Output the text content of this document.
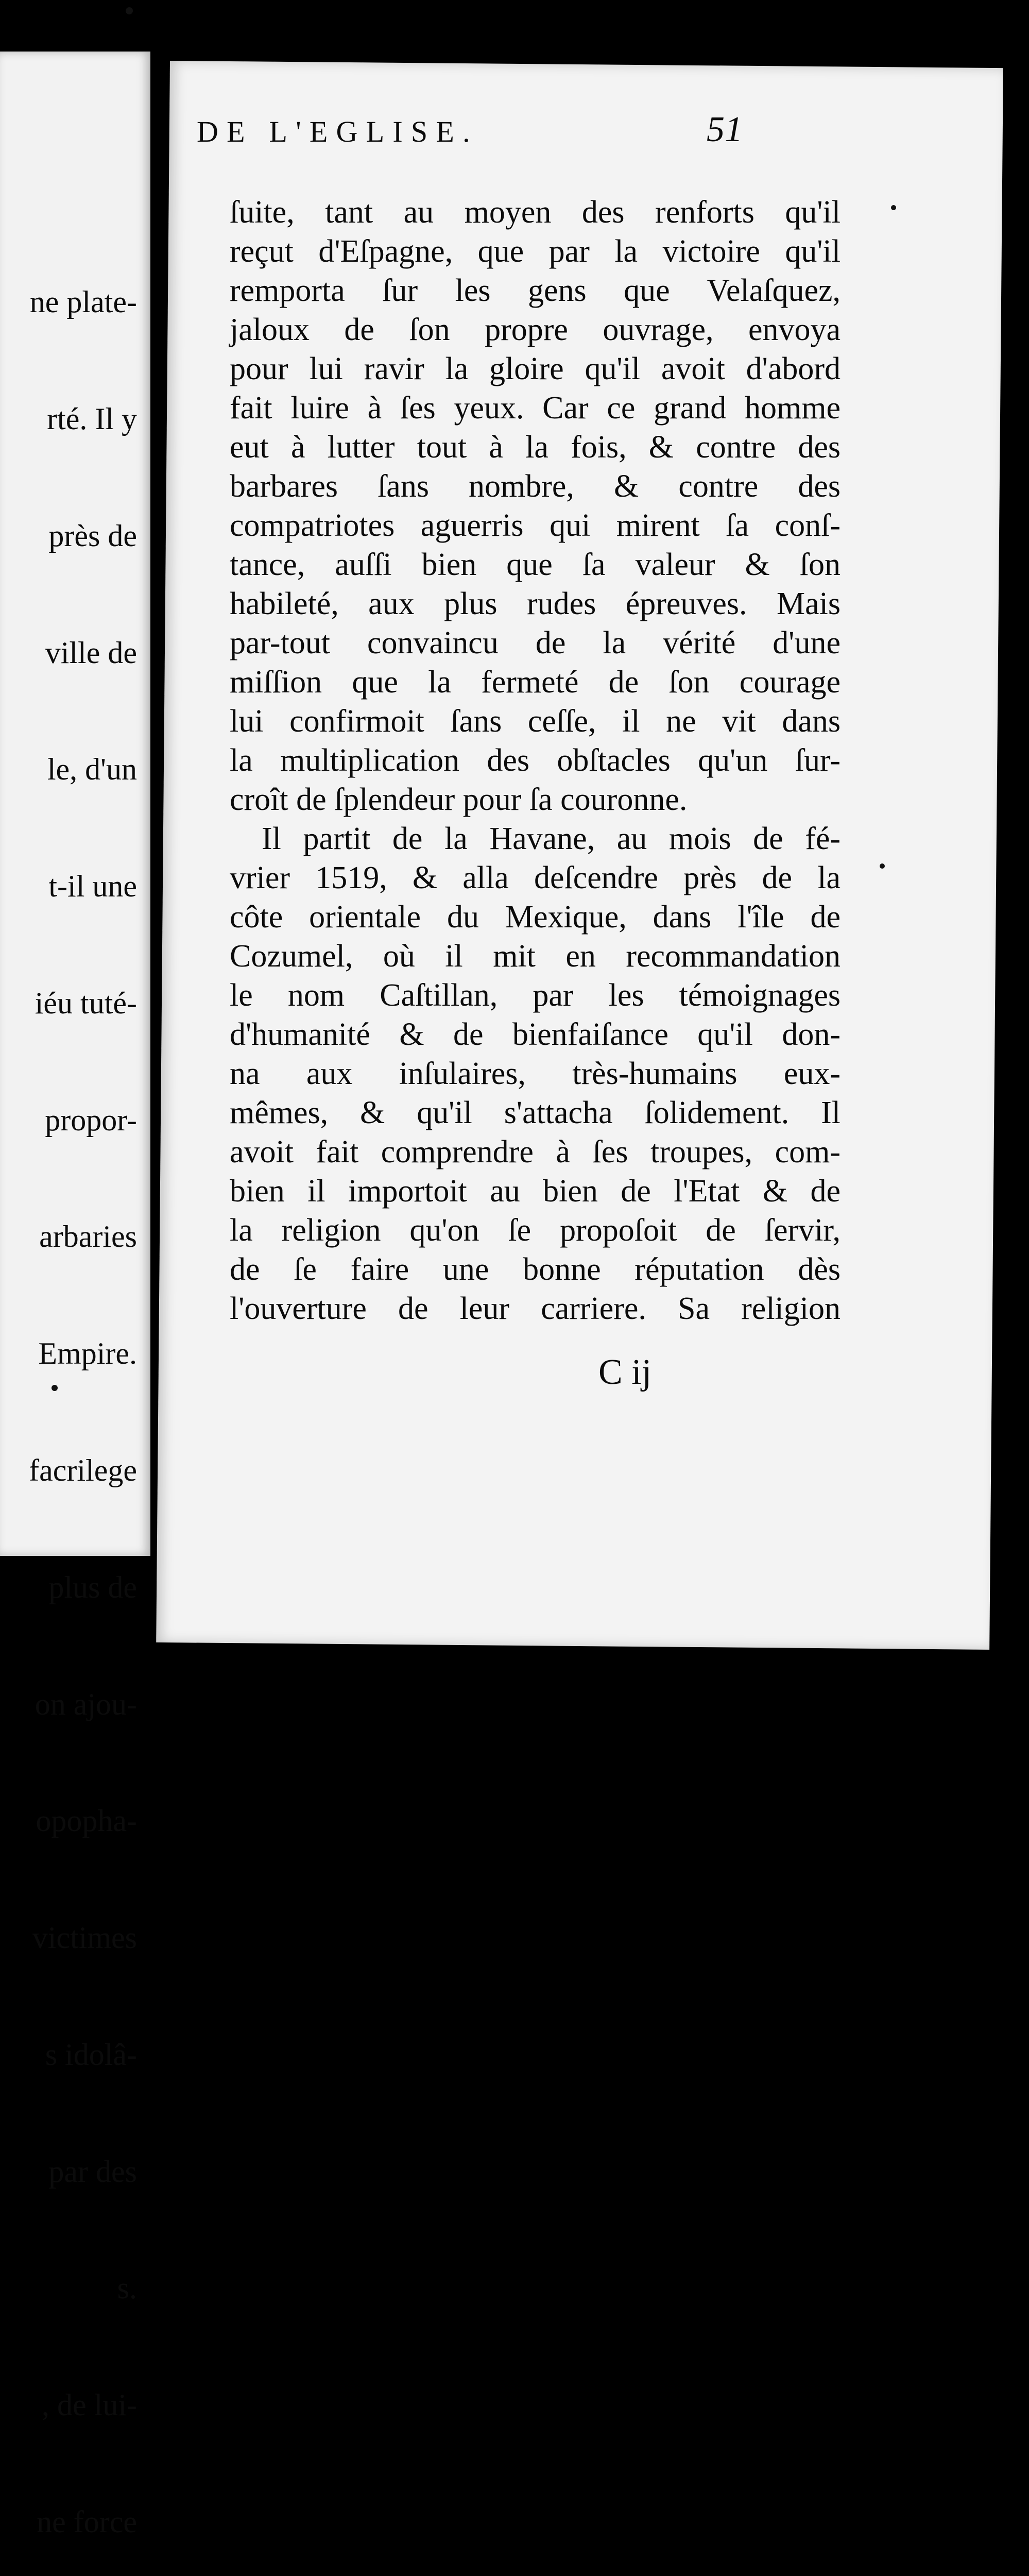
ne plate-

rté. Il y

près de

ville de

le, d'un

t-il une

iéu tuté-

propor-

arbaries

Empire.

facrilege

plus de

on ajou-

opopha-

victimes

s idolâ-

par des

s.

, de lui-

ne force

DE L'EGLISE.	51
ſuite, tant au moyen des renforts qu'il
reçut d'Eſpagne, que par la victoire qu'il
remporta ſur les gens que Velaſquez,
jaloux de ſon propre ouvrage, envoya
pour lui ravir la gloire qu'il avoit d'abord
fait luire à ſes yeux. Car ce grand homme
eut à lutter tout à la fois, & contre des
barbares ſans nombre, & contre des
compatriotes aguerris qui mirent ſa conſ-
tance, auſſi bien que ſa valeur & ſon
habileté, aux plus rudes épreuves. Mais
par-tout convaincu de la vérité d'une
miſſion que la fermeté de ſon courage
lui confirmoit ſans ceſſe, il ne vit dans
la multiplication des obſtacles qu'un ſur-
croît de ſplendeur pour ſa couronne.
Il partit de la Havane, au mois de fé-
vrier 1519, & alla deſcendre près de la
côte orientale du Mexique, dans l'île de
Cozumel, où il mit en recommandation
le nom Caſtillan, par les témoignages
d'humanité & de bienfaiſance qu'il don-
na aux inſulaires, très-humains eux-
mêmes, & qu'il s'attacha ſolidement. Il
avoit fait comprendre à ſes troupes, com-
bien il importoit au bien de l'Etat & de
la religion qu'on ſe propoſoit de ſervir,
de ſe faire une bonne réputation dès
l'ouverture de leur carriere. Sa religion
C ij
